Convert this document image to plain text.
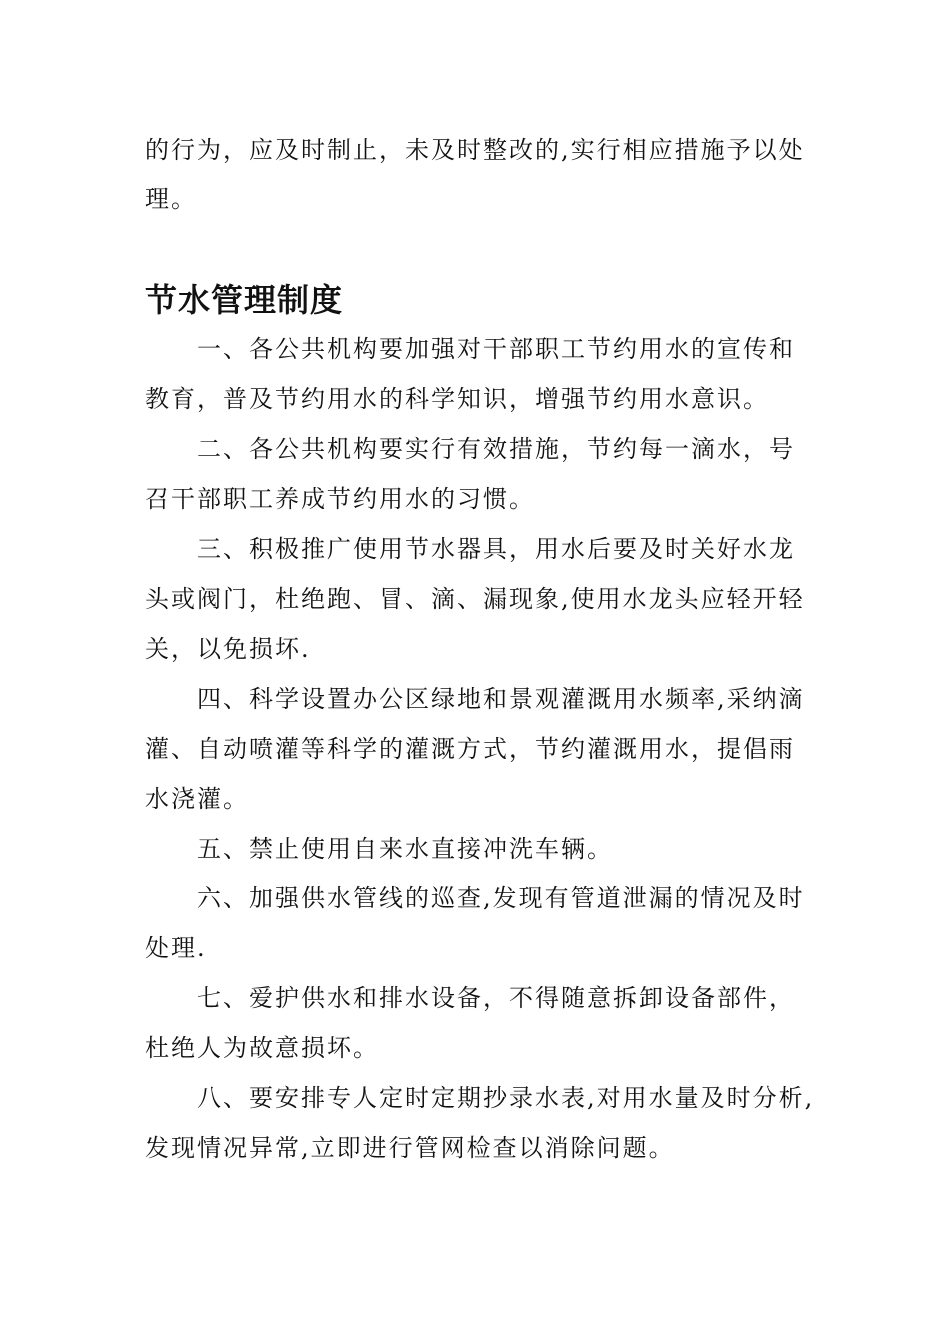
的行为，应及时制止，未及时整改的,实行相应措施予以处
理。
节水管理制度
一、各公共机构要加强对干部职工节约用水的宣传和
教育，普及节约用水的科学知识，增强节约用水意识。
二、各公共机构要实行有效措施，节约每一滴水，号
召干部职工养成节约用水的习惯。
三、积极推广使用节水器具，用水后要及时关好水龙
头或阀门，杜绝跑、冒、滴、漏现象,使用水龙头应轻开轻
关，以免损坏.
四、科学设置办公区绿地和景观灌溉用水频率,采纳滴
灌、自动喷灌等科学的灌溉方式，节约灌溉用水，提倡雨
水浇灌。
五、禁止使用自来水直接冲洗车辆。
六、加强供水管线的巡查,发现有管道泄漏的情况及时
处理.
七、爱护供水和排水设备，不得随意拆卸设备部件，
杜绝人为故意损坏。
八、要安排专人定时定期抄录水表,对用水量及时分析,
发现情况异常,立即进行管网检查以消除问题。
